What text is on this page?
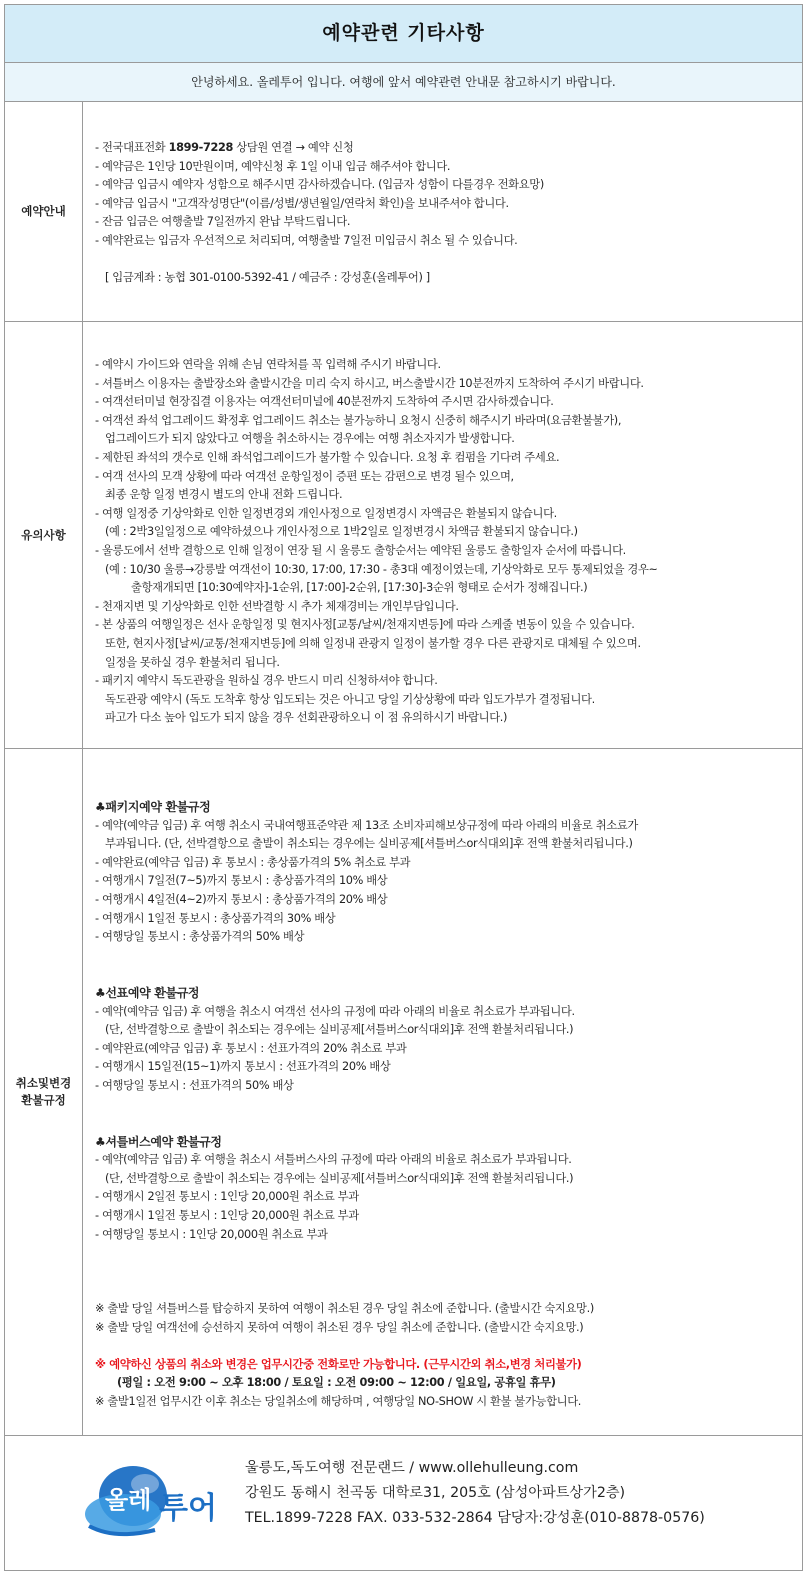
예약관련 기타사항
안녕하세요. 올레투어 입니다. 여행에 앞서 예약관련 안내문 참고하시기 바랍니다.
예약안내
- 전국대표전화 1899-7228 상담원 연결 → 예약 신청
- 예약금은 1인당 10만원이며, 예약신청 후 1일 이내 입금 해주셔야 합니다.
- 예약금 입금시 예약자 성함으로 해주시면 감사하겠습니다. (입금자 성함이 다를경우 전화요망)
- 예약금 입금시 "고객작성명단"(이름/성별/생년월일/연락처 확인)을 보내주셔야 합니다.
- 잔금 입금은 여행출발 7일전까지 완납 부탁드립니다.
- 예약완료는 입금자 우선적으로 처리되며, 여행출발 7일전 미입금시 취소 될 수 있습니다.
[ 입금계좌 : 농협 301-0100-5392-41 / 예금주 : 강성훈(올레투어) ]
유의사항
- 예약시 가이드와 연락을 위해 손님 연락처를 꼭 입력해 주시기 바랍니다.
- 셔틀버스 이용자는 출발장소와 출발시간을 미리 숙지 하시고, 버스출발시간 10분전까지 도착하여 주시기 바랍니다.
- 여객선터미널 현장집결 이용자는 여객선터미널에 40분전까지 도착하여 주시면 감사하겠습니다.
- 여객선 좌석 업그레이드 확정후 업그레이드 취소는 불가능하니 요청시 신중히 해주시기 바라며(요금환불불가),
업그레이드가 되지 않았다고 여행을 취소하시는 경우에는 여행 취소자지가 발생합니다.
- 제한된 좌석의 갯수로 인해 좌석업그레이드가 불가할 수 있습니다. 요청 후 컴펌을 기다려 주세요.
- 여객 선사의 모객 상황에 따라 여객선 운항일정이 증편 또는 감편으로 변경 될수 있으며,
최종 운항 일정 변경시 별도의 안내 전화 드립니다.
- 여행 일정중 기상악화로 인한 일정변경외 개인사정으로 일정변경시 자액금은 환불되지 않습니다.
(예 : 2박3일일정으로 예약하셨으나 개인사정으로 1박2일로 일정변경시 차액금 환불되지 않습니다.)
- 울릉도에서 선박 결항으로 인해 일정이 연장 될 시 울릉도 출항순서는 예약된 울릉도 출항일자 순서에 따릅니다.
(예 : 10/30 울릉→강릉발 여객선이 10:30, 17:00, 17:30 - 총3대 예정이였는데, 기상악화로 모두 통제되었을 경우~
출항재개되면 [10:30예약자]-1순위, [17:00]-2순위, [17:30]-3순위 형태로 순서가 정해집니다.)
- 천재지변 및 기상악화로 인한 선박결항 시 추가 체재경비는 개인부담입니다.
- 본 상품의 여행일정은 선사 운항일정 및 현지사정[교통/날씨/천재지변등]에 따라 스케줄 변동이 있을 수 있습니다.
또한, 현지사정[날씨/교통/천재지변등]에 의해 일정내 관광지 일정이 불가할 경우 다른 관광지로 대체될 수 있으며.
일정을 못하실 경우 환불처리 됩니다.
- 패키지 예약시 독도관광을 원하실 경우 반드시 미리 신청하셔야 합니다.
독도관광 예약시 (독도 도착후 항상 입도되는 것은 아니고 당일 기상상황에 따라 입도가부가 결정됩니다.
파고가 다소 높아 입도가 되지 않을 경우 선회관광하오니 이 점 유의하시기 바랍니다.)
취소및변경
환불규정
♣패키지예약 환불규정
- 예약(예약금 입금) 후 여행 취소시 국내여행표준약관 제 13조 소비자피해보상규정에 따라 아래의 비율로 취소료가
부과됩니다. (단, 선박결항으로 출발이 취소되는 경우에는 실비공제[셔틀버스or식대외]후 전액 환불처리됩니다.)
- 예약완료(예약금 입금) 후 통보시 : 총상품가격의 5% 취소료 부과
- 여행개시 7일전(7~5)까지 통보시 : 총상품가격의 10% 배상
- 여행개시 4일전(4~2)까지 통보시 : 총상품가격의 20% 배상
- 여행개시 1일전 통보시 : 총상품가격의 30% 배상
- 여행당일 통보시 : 총상품가격의 50% 배상
♣선표예약 환불규정
- 예약(예약금 입금) 후 여행을 취소시 여객선 선사의 규정에 따라 아래의 비율로 취소료가 부과됩니다.
(단, 선박결항으로 출발이 취소되는 경우에는 실비공제[셔틀버스or식대외]후 전액 환불처리됩니다.)
- 예약완료(예약금 입금) 후 통보시 : 선표가격의 20% 취소료 부과
- 여행개시 15일전(15~1)까지 통보시 : 선표가격의 20% 배상
- 여행당일 통보시 : 선표가격의 50% 배상
♣셔틀버스예약 환불규정
- 예약(예약금 입금) 후 여행을 취소시 셔틀버스사의 규정에 따라 아래의 비율로 취소료가 부과됩니다.
(단, 선박결항으로 출발이 취소되는 경우에는 실비공제[셔틀버스or식대외]후 전액 환불처리됩니다.)
- 여행개시 2일전 통보시 : 1인당 20,000원 취소료 부과
- 여행개시 1일전 통보시 : 1인당 20,000원 취소료 부과
- 여행당일 통보시 : 1인당 20,000원 취소료 부과
※ 출발 당일 셔틀버스를 탑승하지 못하여 여행이 취소된 경우 당일 취소에 준합니다. (출발시간 숙지요망.)
※ 출발 당일 여객선에 승선하지 못하여 여행이 취소된 경우 당일 취소에 준합니다. (출발시간 숙지요망.)
※ 예약하신 상품의 취소와 변경은 업무시간중 전화로만 가능합니다. (근무시간외 취소,변경 처리불가)
(평일 : 오전 9:00 ~ 오후 18:00 / 토요일 : 오전 09:00 ~ 12:00 / 일요일, 공휴일 휴무)
※ 출발1일전 업무시간 이후 취소는 당일취소에 해당하며 , 여행당일 NO-SHOW 시 환불 불가능합니다.
올레 투어
울릉도,독도여행 전문랜드 / www.ollehulleung.com
강원도 동해시 천곡동 대학로31, 205호 (삼성아파트상가2층)
TEL.1899-7228 FAX. 033-532-2864 담당자:강성훈(010-8878-0576)
